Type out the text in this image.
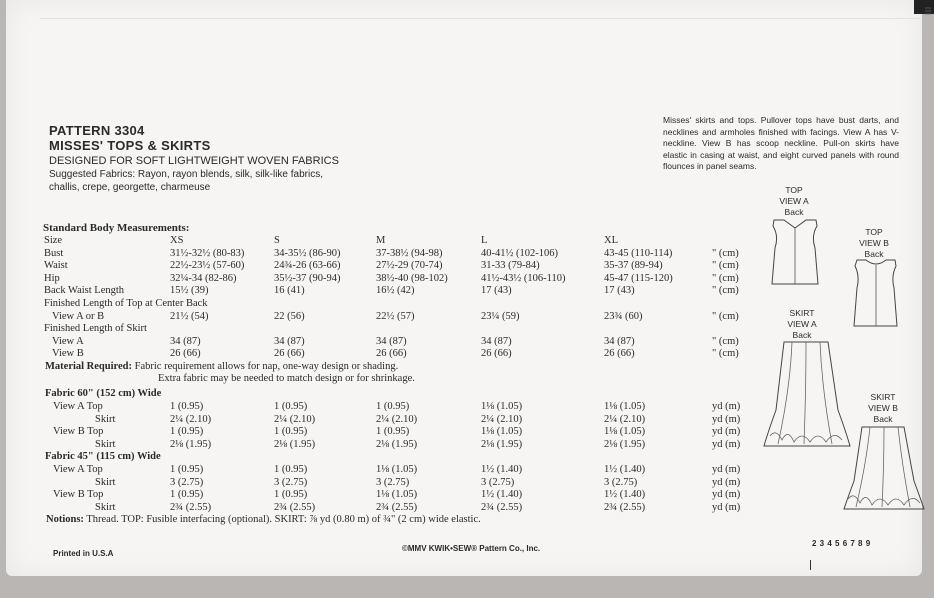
PATTERN 3304
MISSES' TOPS & SKIRTS
DESIGNED FOR SOFT LIGHTWEIGHT WOVEN FABRICS
Suggested Fabrics: Rayon, rayon blends, silk, silk-like fabrics,
challis, crepe, georgette, charmeuse
Misses' skirts and tops. Pullover tops have bust darts, and necklines and armholes finished with facings. View A has V-neckline. View B has scoop neckline. Pull-on skirts have elastic in casing at waist, and eight curved panels with round flounces in panel seams.
TOP
VIEW A
Back
TOP
VIEW B
Back
SKIRT
VIEW A
Back
SKIRT
VIEW B
Back
Standard Body Measurements:
Size	XS	S	M	L	XL
Bust	31½-32½ (80-83)	34-35½ (86-90)	37-38½ (94-98)	40-41½ (102-106)	43-45 (110-114)	" (cm)
Waist	22½-23½ (57-60)	24¾-26 (63-66)	27½-29 (70-74)	31-33 (79-84)	35-37 (89-94)	" (cm)
Hip	32¼-34 (82-86)	35½-37 (90-94)	38½-40 (98-102)	41½-43½ (106-110)	45-47 (115-120)	" (cm)
Back Waist Length	15½ (39)	16 (41)	16½ (42)	17 (43)	17 (43)	" (cm)
Finished Length of Top at Center Back
View A or B	21½ (54)	22 (56)	22½ (57)	23¼ (59)	23¾ (60)	" (cm)
Finished Length of Skirt
View A	34 (87)	34 (87)	34 (87)	34 (87)	34 (87)	" (cm)
View B	26 (66)	26 (66)	26 (66)	26 (66)	26 (66)	" (cm)
Material Required: Fabric requirement allows for nap, one-way design or shading.
Extra fabric may be needed to match design or for shrinkage.
Fabric 60" (152 cm) Wide
View A Top	1 (0.95)	1 (0.95)	1 (0.95)	1⅛ (1.05)	1⅛ (1.05)	yd (m)
Skirt	2¼ (2.10)	2¼ (2.10)	2¼ (2.10)	2¼ (2.10)	2¼ (2.10)	yd (m)
View B Top	1 (0.95)	1 (0.95)	1 (0.95)	1⅛ (1.05)	1⅛ (1.05)	yd (m)
Skirt	2⅛ (1.95)	2⅛ (1.95)	2⅛ (1.95)	2⅛ (1.95)	2⅛ (1.95)	yd (m)
Fabric 45" (115 cm) Wide
View A Top	1 (0.95)	1 (0.95)	1⅛ (1.05)	1½ (1.40)	1½ (1.40)	yd (m)
Skirt	3 (2.75)	3 (2.75)	3 (2.75)	3 (2.75)	3 (2.75)	yd (m)
View B Top	1 (0.95)	1 (0.95)	1⅛ (1.05)	1½ (1.40)	1½ (1.40)	yd (m)
Skirt	2¾ (2.55)	2¾ (2.55)	2¾ (2.55)	2¾ (2.55)	2¾ (2.55)	yd (m)
Notions: Thread. TOP: Fusible interfacing (optional). SKIRT: ⅞ yd (0.80 m) of ¾" (2 cm) wide elastic.
Printed in U.S.A
©MMV KWIK•SEW® Pattern Co., Inc.
2 3 4 5 6 7 8 9
